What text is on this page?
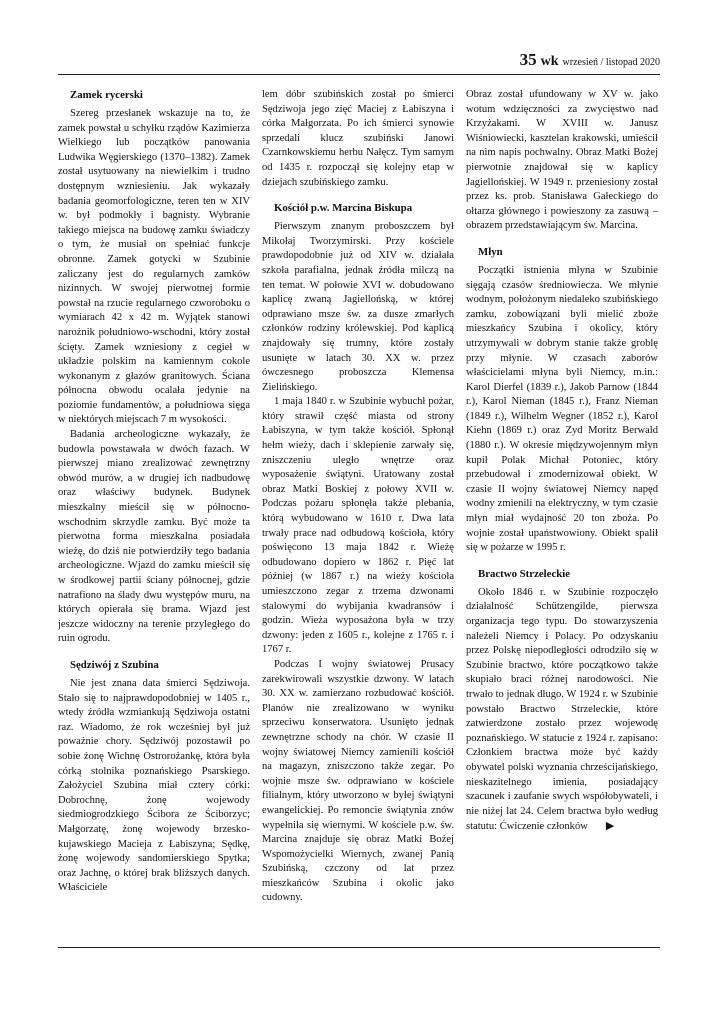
35 wk wrzesień / listopad 2020
Zamek rycerski

Szereg przesłanek wskazuje na to, że zamek powstał u schyłku rządów Kazimierza Wielkiego lub początków panowania Ludwika Węgierskiego (1370–1382). Zamek został usytuowany na niewielkim i trudno dostępnym wzniesieniu. Jak wykazały badania geomorfologiczne, teren ten w XIV w. był podmokły i bagnisty. Wybranie takiego miejsca na budowę zamku świadczy o tym, że musiał on spełniać funkcje obronne. Zamek gotycki w Szubinie zaliczany jest do regularnych zamków nizinnych. W swojej pierwotnej formie powstał na rzucie regularnego czworoboku o wymiarach 42 x 42 m. Wyjątek stanowi narożnik południowo-wschodni, który został ścięty. Zamek wzniesiony z cegieł w układzie polskim na kamiennym cokole wykonanym z głazów granitowych. Ściana północna obwodu ocalała jedynie na poziomie fundamentów, a południowa sięga w niektórych miejscach 7 m wysokości.

Badania archeologiczne wykazały, że budowla powstawała w dwóch fazach. W pierwszej miano zrealizować zewnętrzny obwód murów, a w drugiej ich nadbudowę oraz właściwy budynek. Budynek mieszkalny mieścił się w północno-wschodnim skrzydle zamku. Być może ta pierwotna forma mieszkalna posiadała wieżę, do dziś nie potwierdziły tego badania archeologiczne. Wjazd do zamku mieścił się w środkowej partii ściany północnej, gdzie natrafiono na ślady dwu występów muru, na których opierała się brama. Wjazd jest jeszcze widoczny na terenie przyległego do ruin ogrodu.

Sędziwój z Szubina

Nie jest znana data śmierci Sędziwoja. Stało się to najprawdopodobniej w 1405 r., wtedy źródła wzmiankują Sędziwoja ostatni raz. Wiadomo, że rok wcześniej był już poważnie chory. Sędziwój pozostawił po sobie żonę Wichnę Ostrorożankę, która była córką stolnika poznańskiego Psarskiego. Założyciel Szubina miał cztery córki: Dobrochnę, żonę wojewody siedmiogrodzkiego Ścibora ze Ściborzyc; Małgorzatę, żonę wojewody brzesko-kujawskiego Macieja z Łabiszyna; Sędkę, żonę wojewody sandomierskiego Spytka; oraz Jachnę, o której brak bliższych danych. Właściciele

lem dóbr szubińskich został po śmierci Sędziwoja jego zięć Maciej z Łabiszyna i córka Małgorzata. Po ich śmierci synowie sprzedali klucz szubiński Janowi Czarnkowskiemu herbu Nałęcz. Tym samym od 1435 r. rozpoczął się kolejny etap w dziejach szubińskiego zamku.

Kościół p.w. Marcina Biskupa

Pierwszym znanym proboszczem był Mikołaj Tworzymirski. Przy kościele prawdopodobnie już od XIV w. działała szkoła parafialna, jednak źródła milczą na ten temat. W połowie XVI w. dobudowano kaplicę zwaną Jagiellońską, w której odprawiano msze św. za dusze zmarłych członków rodziny królewskiej. Pod kaplicą znajdowały się trumny, które zostały usunięte w latach 30. XX w. przez ówczesnego proboszcza Klemensa Zielińskiego.

1 maja 1840 r. w Szubinie wybuchł pożar, który strawił część miasta od strony Łabiszyna, w tym także kościół. Spłonął hełm wieży, dach i sklepienie zarwały się, zniszczeniu uległo wnętrze oraz wyposażenie świątyni. Uratowany został obraz Matki Boskiej z połowy XVII w. Podczas pożaru spłonęła także plebania, którą wybudowano w 1610 r. Dwa lata trwały prace nad odbudową kościoła, który poświęcono 13 maja 1842 r. Wieżę odbudowano dopiero w 1862 r. Pięć lat później (w 1867 r.) na wieży kościoła umieszczono zegar z trzema dzwonami stalowymi do wybijania kwadransów i godzin. Wieża wyposażona była w trzy dzwony: jeden z 1605 r., kolejne z 1765 r. i 1767 r.

Podczas I wojny światowej Prusacy zarekwirowali wszystkie dzwony. W latach 30. XX w. zamierzano rozbudować kościół. Planów nie zrealizowano w wyniku sprzeciwu konserwatora. Usunięto jednak zewnętrzne schody na chór. W czasie II wojny światowej Niemcy zamienili kościół na magazyn, zniszczono także zegar. Po wojnie msze św. odprawiano w kościele filialnym, który utworzono w byłej świątyni ewangelickiej. Po remoncie świątynia znów wypełniła się wiernymi. W kościele p.w. św. Marcina znajduje się obraz Matki Bożej Wspomożycielki Wiernych, zwanej Panią Szubińską, czczony od lat przez mieszkańców Szubina i okolic jako cudowny.

Obraz został ufundowany w XV w. jako wotum wdzięczności za zwycięstwo nad Krzyżakami. W XVIII w. Janusz Wiśniowiecki, kasztelan krakowski, umieścił na nim napis pochwalny. Obraz Matki Bożej pierwotnie znajdował się w kaplicy Jagiellońskiej. W 1949 r. przeniesiony został przez ks. prob. Stanisława Gałeckiego do ołtarza głównego i powieszony za zasuwą – obrazem przedstawiającym św. Marcina.

Młyn

Początki istnienia młyna w Szubinie sięgają czasów średniowiecza. We młynie wodnym, położonym niedaleko szubińskiego zamku, zobowiązani byli mielić zboże mieszkańcy Szubina i okolicy, który utrzymywali w dobrym stanie także groblę przy młynie. W czasach zaborów właścicielami młyna byli Niemcy, m.in.: Karol Dierfel (1839 r.), Jakob Parnow (1844 r.), Karol Nieman (1845 r.), Franz Nieman (1849 r.), Wilhelm Wegner (1852 r.), Karol Kiehn (1869 r.) oraz Zyd Moritz Berwald (1880 r.). W okresie międzywojennym młyn kupił Polak Michał Potoniec, który przebudował i zmodernizował obiekt. W czasie II wojny światowej Niemcy napęd wodny zmienili na elektryczny, w tym czasie młyn miał wydajność 20 ton zboża. Po wojnie został upaństwowiony. Obiekt spalił się w pożarze w 1995 r.

Bractwo Strzeleckie

Około 1846 r. w Szubinie rozpoczęło działalność Schützengilde, pierwsza organizacja tego typu. Do stowarzyszenia należeli Niemcy i Polacy. Po odzyskaniu przez Polskę niepodległości odrodziło się w Szubinie bractwo, które początkowo także skupiało braci różnej narodowości. Nie trwało to jednak długo. W 1924 r. w Szubinie powstało Bractwo Strzeleckie, które zatwierdzone zostało przez wojewodę poznańskiego. W statucie z 1924 r. zapisano: Członkiem bractwa może być każdy obywatel polski wyznania chrześcijańskiego, nieskazitelnego imienia, posiadający szacunek i zaufanie swych współobywateli, i nie niżej lat 24. Celem bractwa było według statutu: Ćwiczenie członków ▶
